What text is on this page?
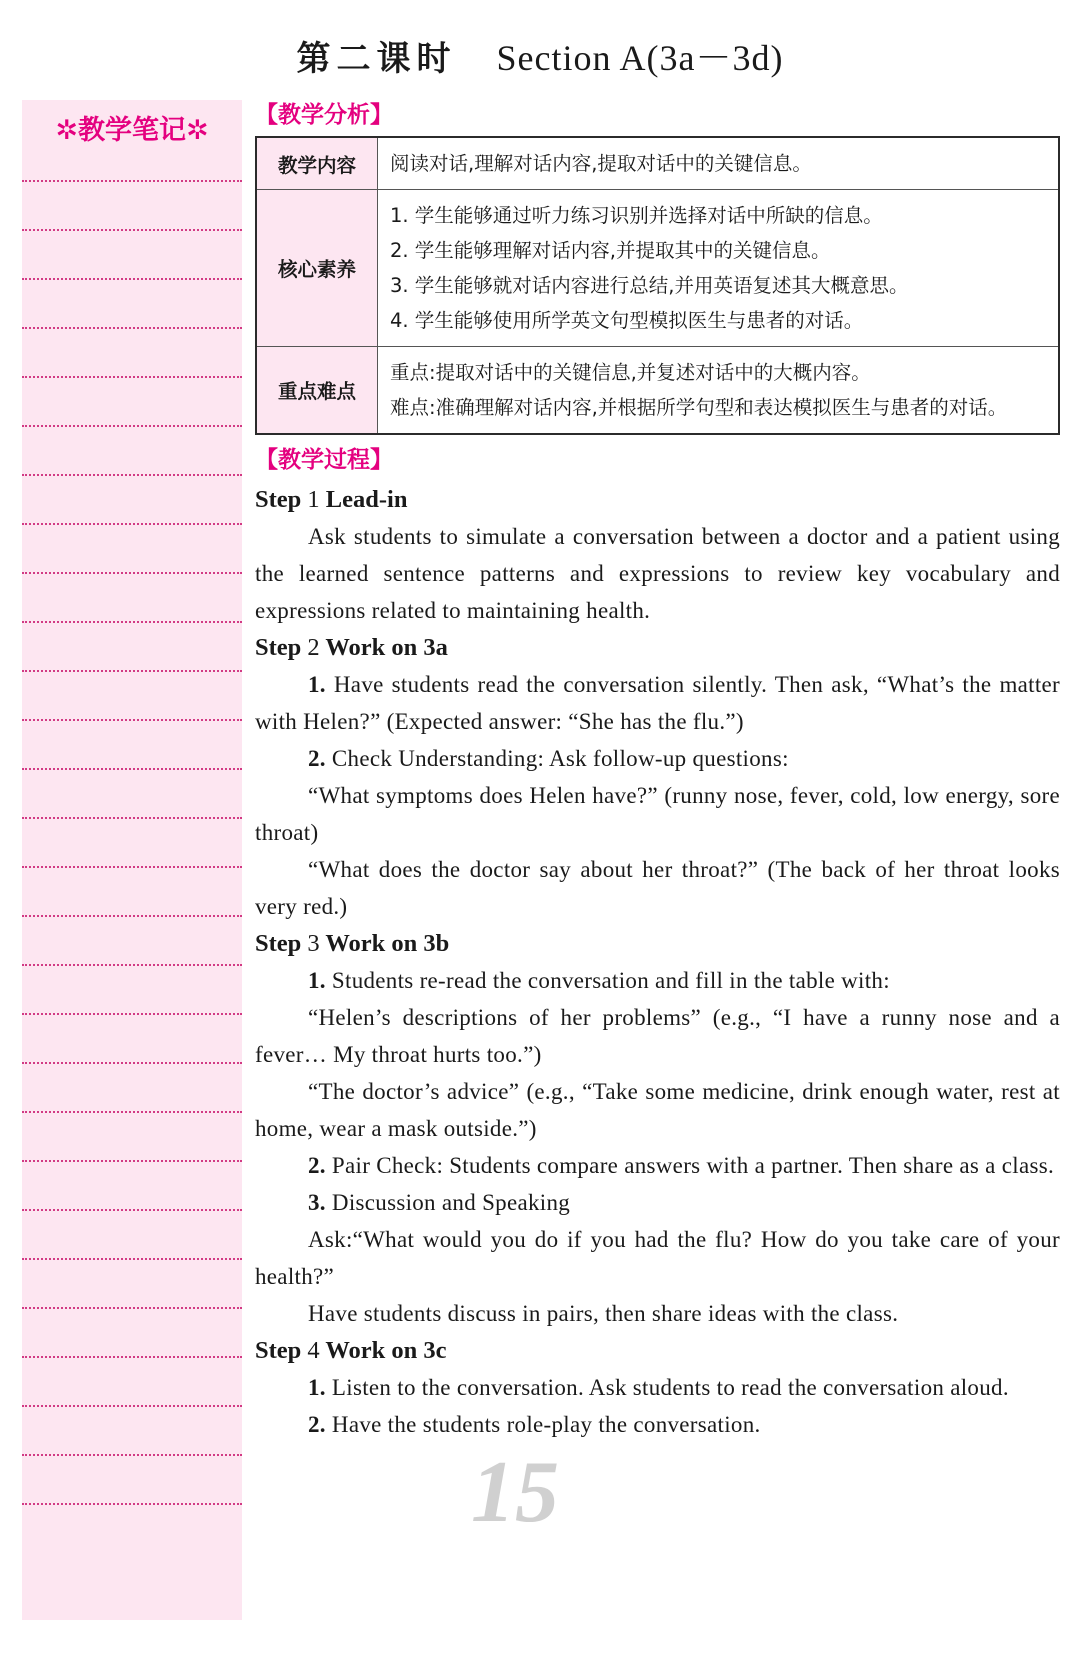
第二课时 Section A(3a－3d)
✲教学笔记✲	【教学分析】
教学内容	阅读对话,理解对话内容,提取对话中的关键信息。

核心素养	1. 学生能够通过听力练习识别并选择对话中所缺的信息。
2. 学生能够理解对话内容,并提取其中的关键信息。
3. 学生能够就对话内容进行总结,并用英语复述其大概意思。
4. 学生能够使用所学英文句型模拟医生与患者的对话。

重点难点	重点:提取对话中的关键信息,并复述对话中的大概内容。
难点:准确理解对话内容,并根据所学句型和表达模拟医生与患者的对话。
【教学过程】
Step 1 Lead-in

Ask students to simulate a conversation between a doctor and a patient using the learned sentence patterns and expressions to review key vocabulary and expressions related to maintaining health.

Step 2 Work on 3a

1. Have students read the conversation silently. Then ask, “What’s the matter with Helen?” (Expected answer: “She has the flu.”)

2. Check Understanding: Ask follow-up questions:

“What symptoms does Helen have?” (runny nose, fever, cold, low energy, sore throat)

“What does the doctor say about her throat?” (The back of her throat looks very red.)

Step 3 Work on 3b

1. Students re-read the conversation and fill in the table with:

“Helen’s descriptions of her problems” (e.g., “I have a runny nose and a fever… My throat hurts too.”)

“The doctor’s advice” (e.g., “Take some medicine, drink enough water, rest at home, wear a mask outside.”)

2. Pair Check: Students compare answers with a partner. Then share as a class.

3. Discussion and Speaking

Ask:“What would you do if you had the flu? How do you take care of your health?”

Have students discuss in pairs, then share ideas with the class.

Step 4 Work on 3c

1. Listen to the conversation. Ask students to read the conversation aloud.

2. Have the students role-play the conversation.

15
